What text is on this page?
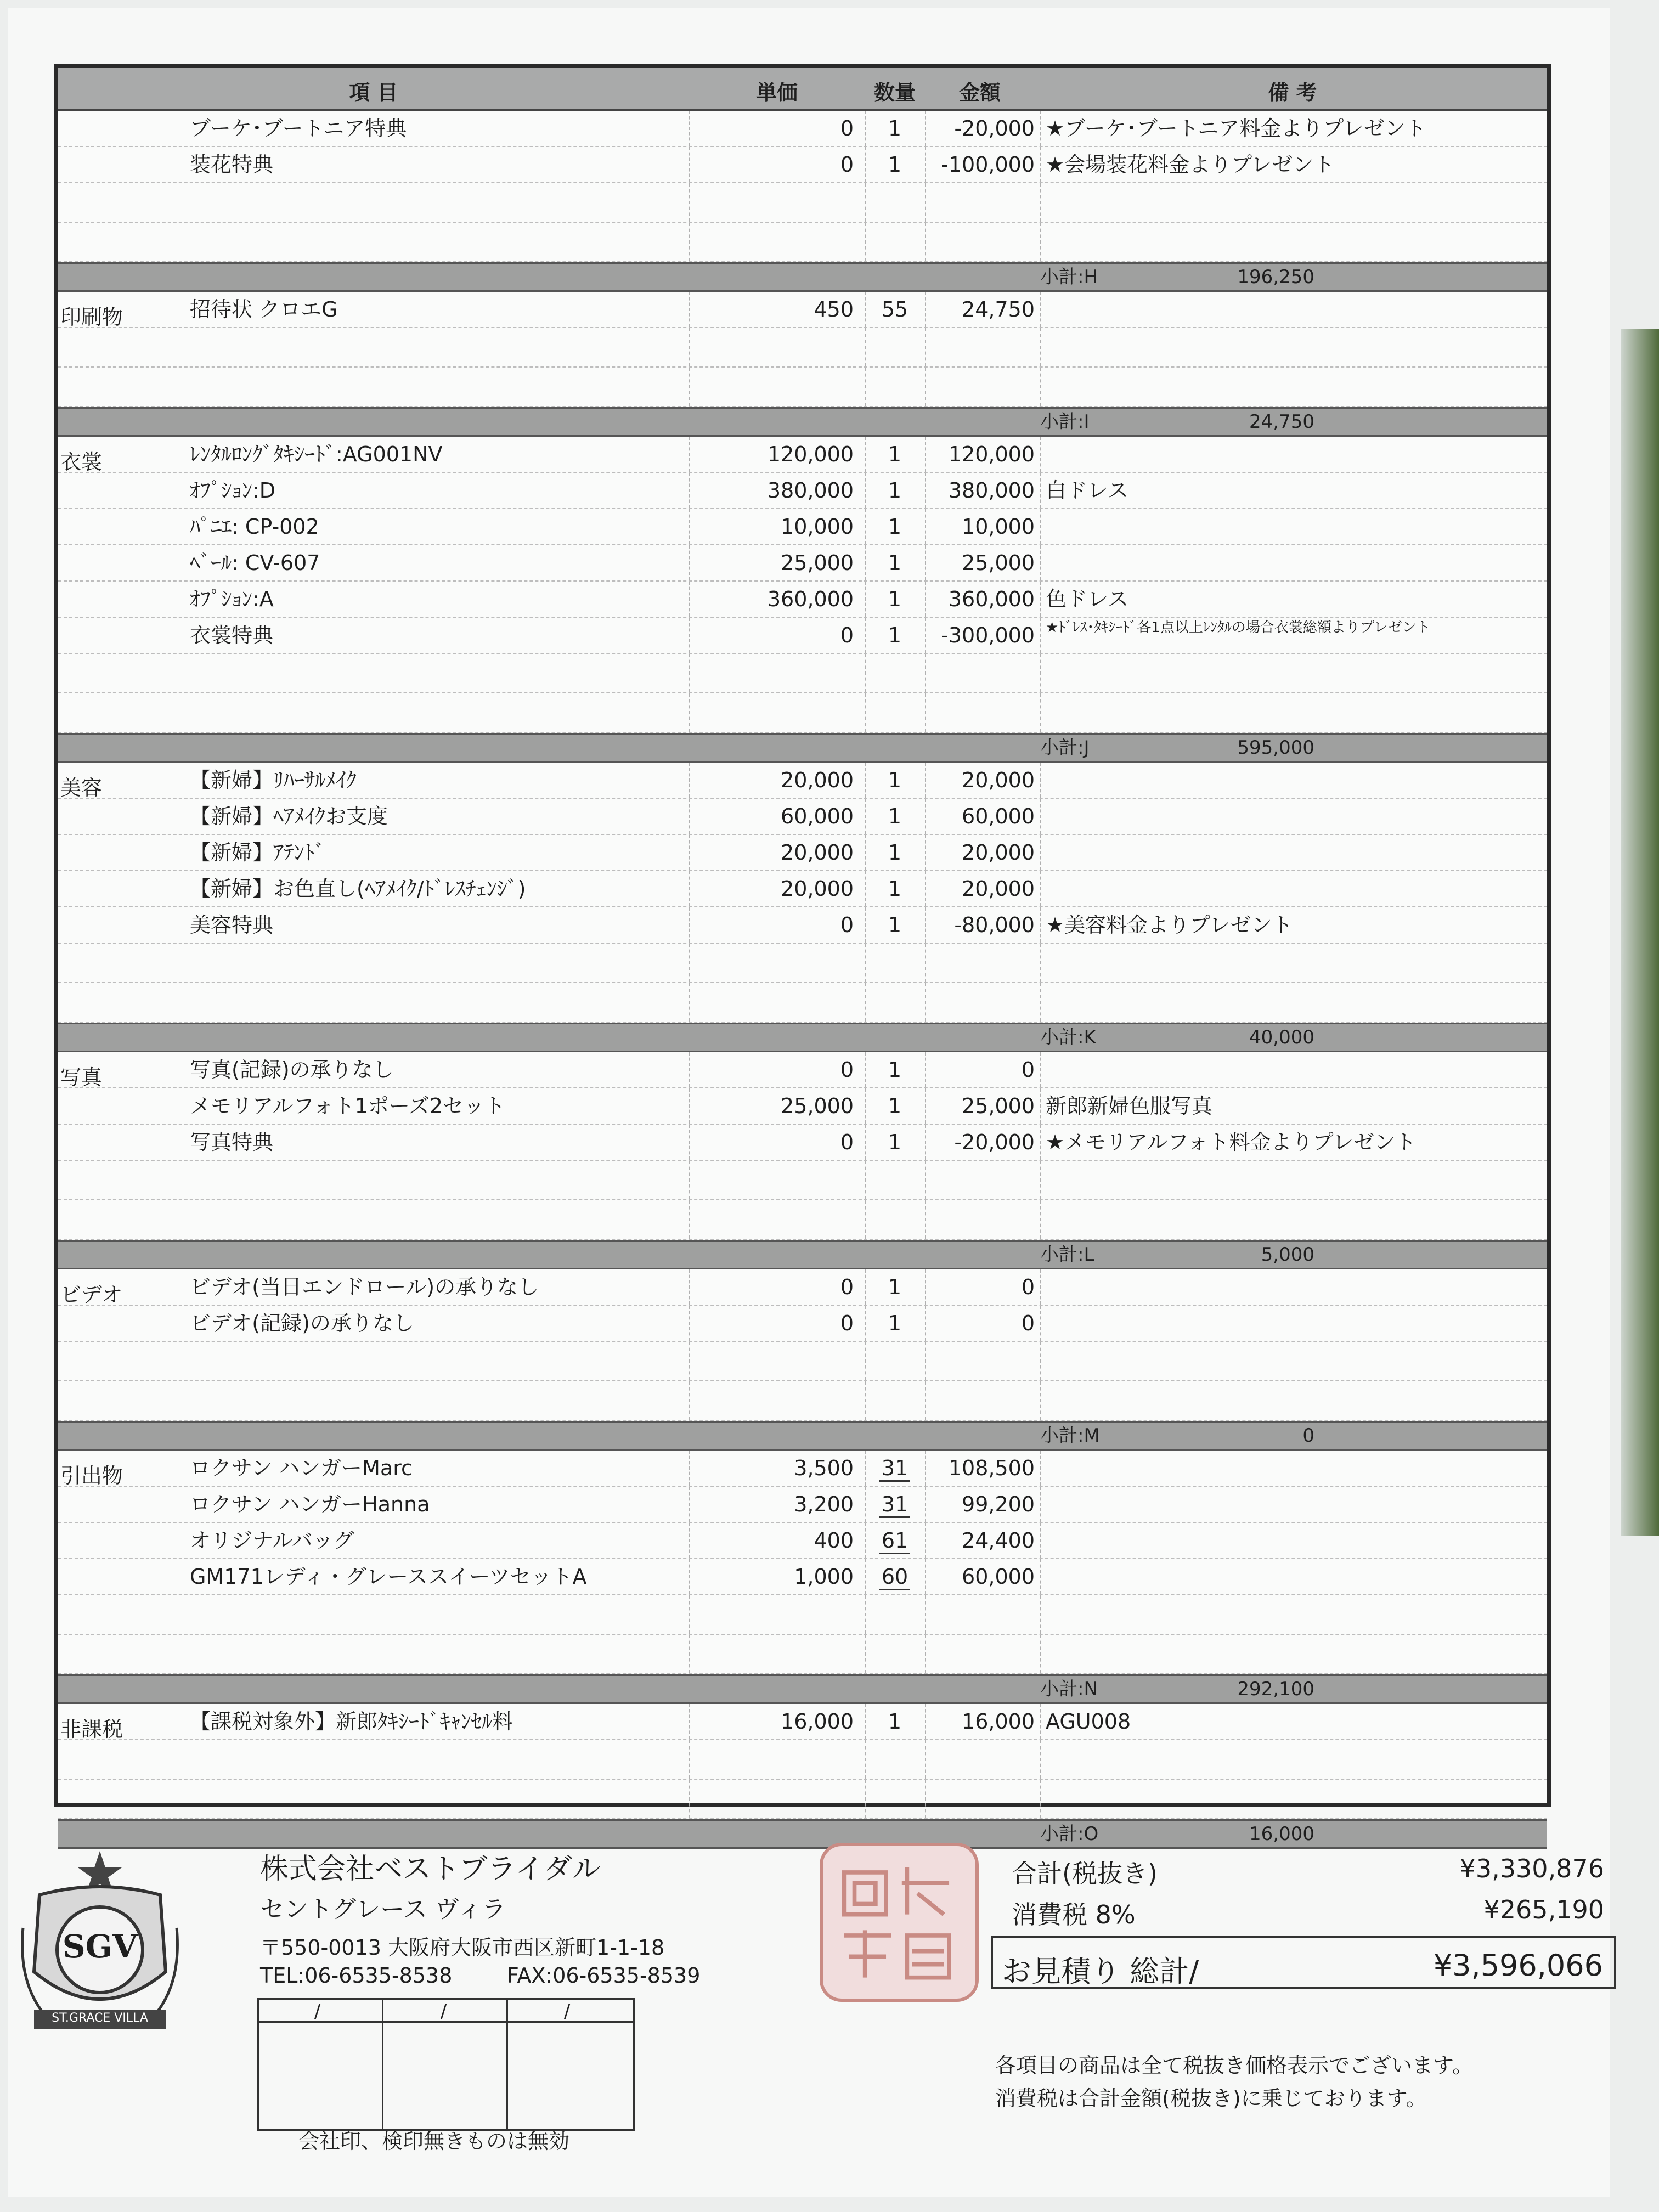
項 目	単価	数量	金額	備 考
ブーケ･ブートニア特典	0	1	-20,000 ★ブーケ･ブートニア料金よりプレゼント
装花特典	0	1	-100,000 ★会場装花料金よりプレゼント
小計:H	196,250
印刷物	招待状 クロエG	450	55	24,750
小計:I	24,750
衣裳	ﾚﾝﾀﾙﾛﾝｸﾞﾀｷｼｰﾄﾞ:AG001NV	120,000	1	120,000
ｵﾌﾟｼｮﾝ:D	380,000	1	380,000 白ドレス
ﾊﾟﾆｴ: CP-002	10,000	1	10,000
ﾍﾞｰﾙ: CV-607	25,000	1	25,000
ｵﾌﾟｼｮﾝ:A	360,000	1	360,000 色ドレス
衣裳特典	0	1	-300,000 ★ﾄﾞﾚｽ･ﾀｷｼｰﾄﾞ各1点以上ﾚﾝﾀﾙの場合衣裳総額よりプレゼント
小計:J	595,000
美容	【新婦】ﾘﾊｰｻﾙﾒｲｸ	20,000	1	20,000
【新婦】ﾍｱﾒｲｸお支度	60,000	1	60,000
【新婦】ｱﾃﾝﾄﾞ	20,000	1	20,000
【新婦】お色直し(ﾍｱﾒｲｸ/ﾄﾞﾚｽﾁｪﾝｼﾞ)	20,000	1	20,000
美容特典	0	1	-80,000 ★美容料金よりプレゼント
小計:K	40,000
写真	写真(記録)の承りなし	0	1	0
メモリアルフォト1ポーズ2セット	25,000	1	25,000 新郎新婦色服写真
写真特典	0	1	-20,000 ★メモリアルフォト料金よりプレゼント
小計:L	5,000
ビデオ	ビデオ(当日エンドロール)の承りなし	0	1	0
ビデオ(記録)の承りなし	0	1	0
小計:M	0
引出物	ロクサン ハンガーMarc	3,500	31	108,500
ロクサン ハンガーHanna	3,200	31	99,200
オリジナルバッグ	400	61	24,400
GM171レディ・グレーススイーツセットA	1,000	60	60,000
小計:N	292,100
非課税	【課税対象外】新郎ﾀｷｼｰﾄﾞｷｬﾝｾﾙ料	16,000	1	16,000 AGU008
小計:O	16,000
SGV
ST.GRACE VILLA
株式会社ベストブライダル
セントグレース ヴィラ
〒550-0013 大阪府大阪市西区新町1-1-18
TEL:06-6535-8538	FAX:06-6535-8539
/	/	/
会社印、検印無きものは無効
合計(税抜き)	¥3,330,876
消費税 8%	¥265,190
お見積り 総計/	¥3,596,066
各項目の商品は全て税抜き価格表示でございます。
消費税は合計金額(税抜き)に乗じております。
